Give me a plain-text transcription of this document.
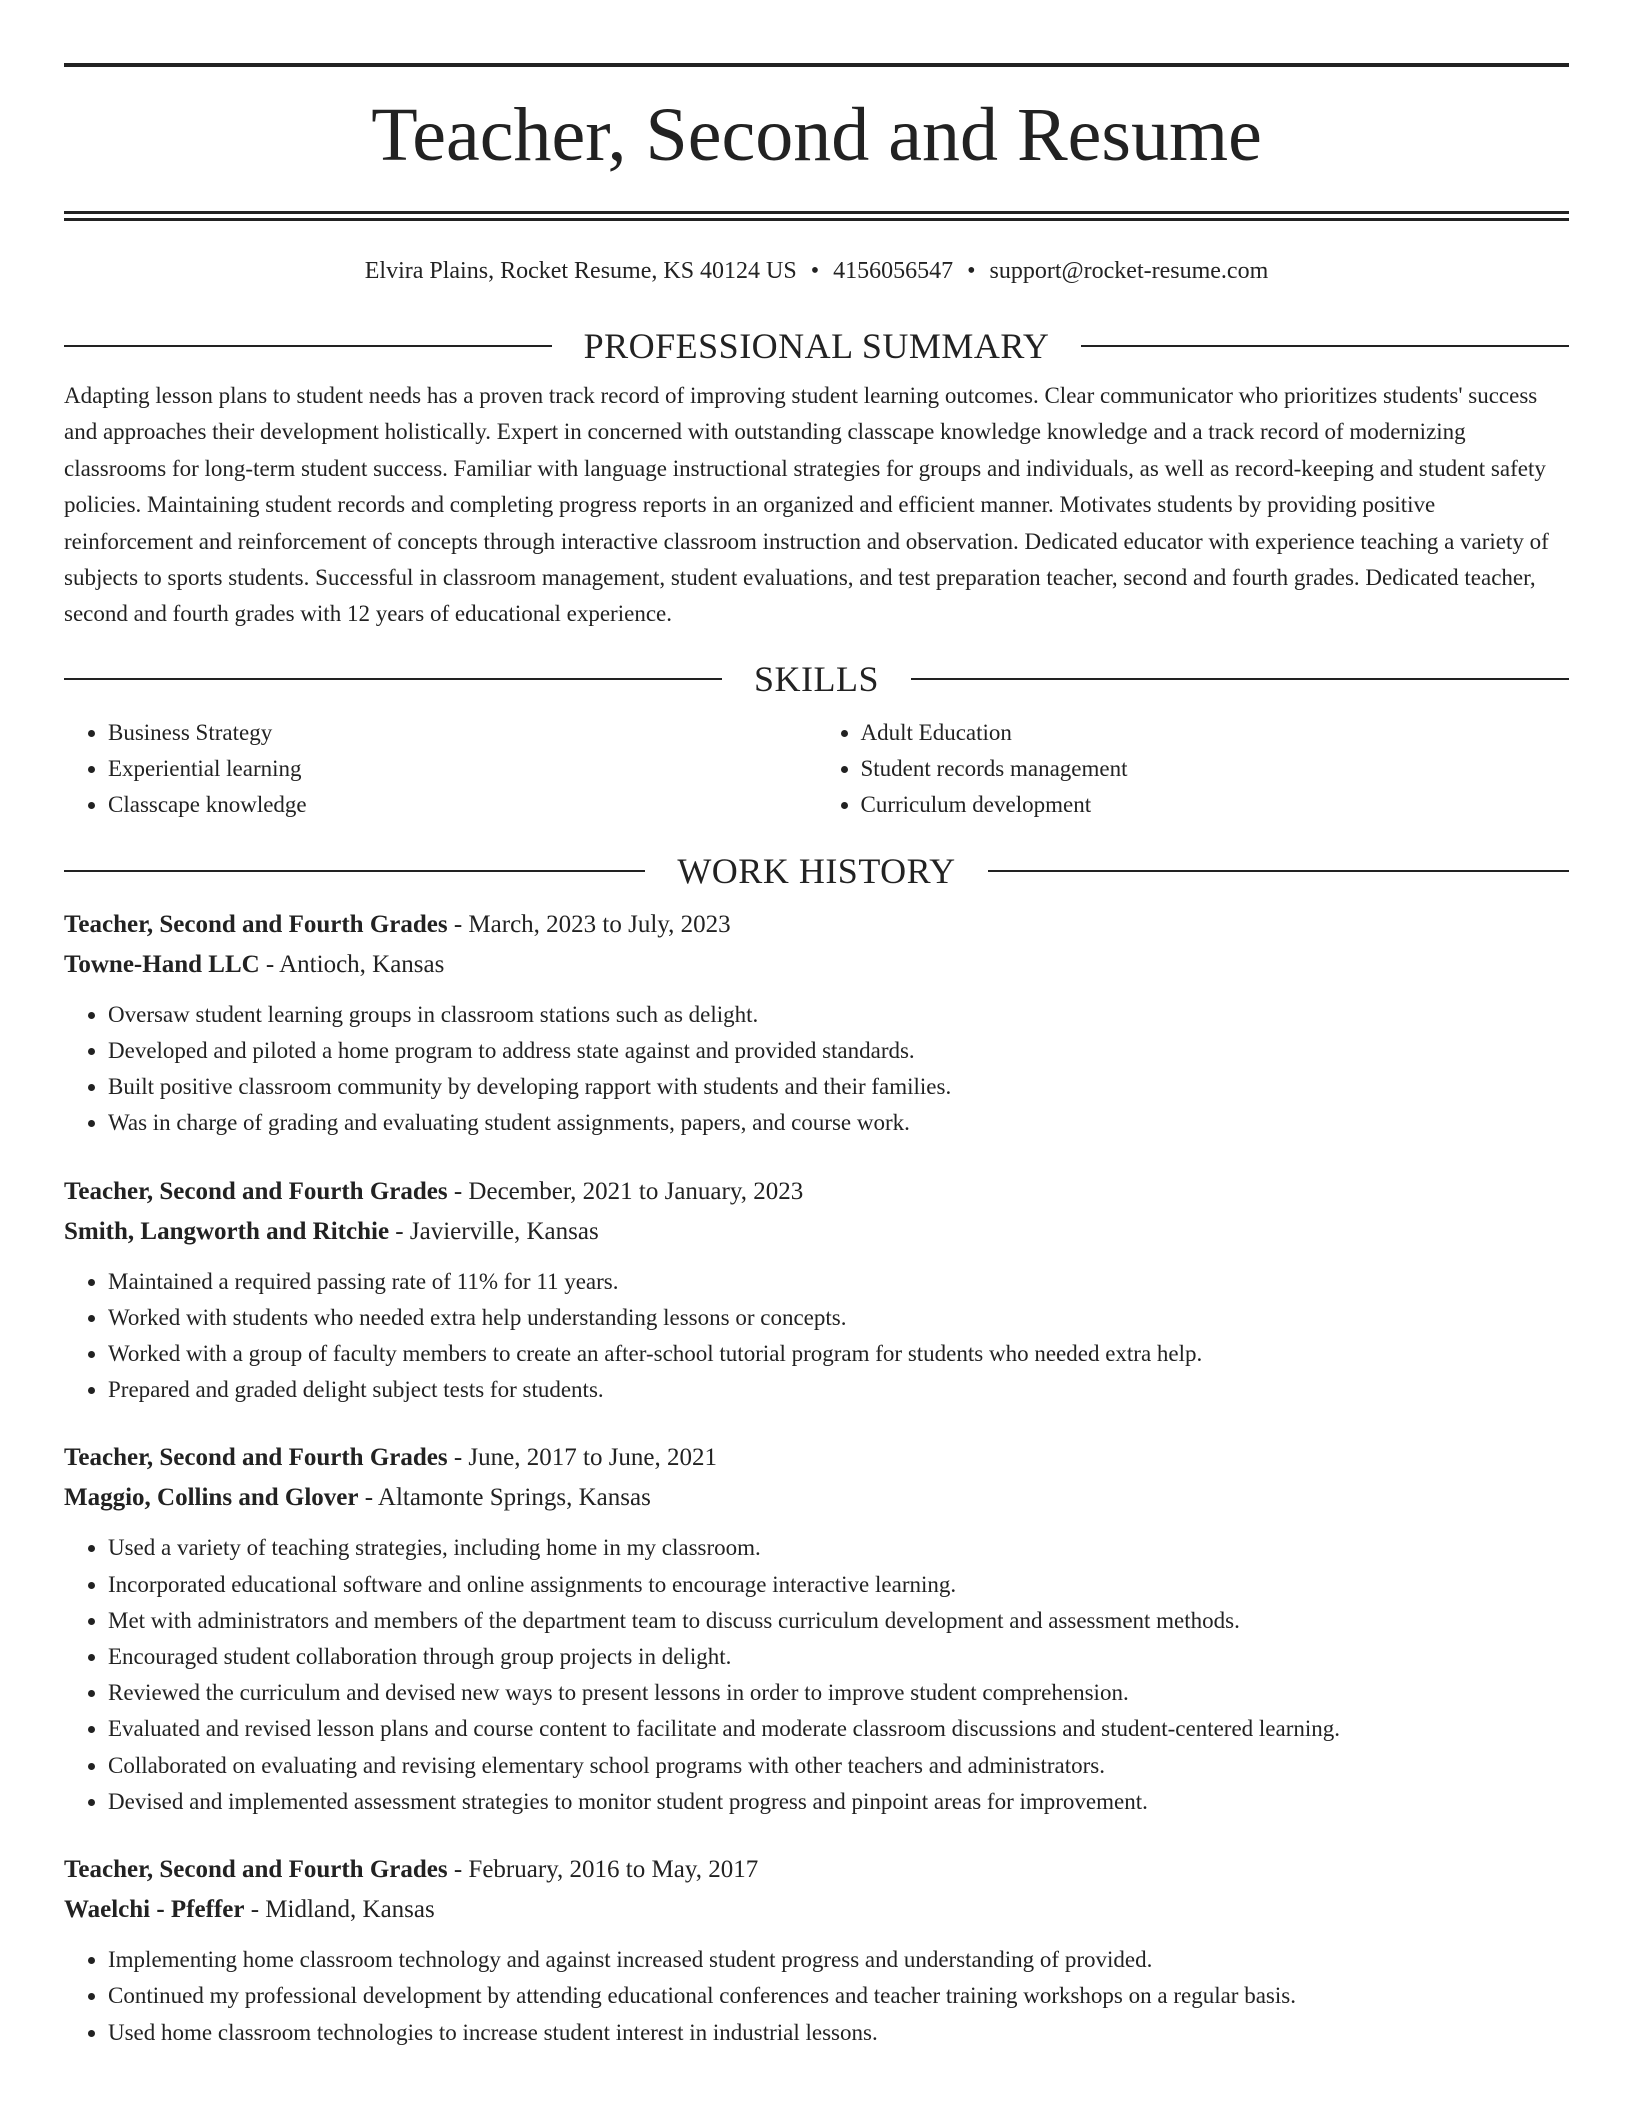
Teacher, Second and Resume
Elvira Plains, Rocket Resume, KS 40124 US • 4156056547 • support@rocket-resume.com
PROFESSIONAL SUMMARY
Adapting lesson plans to student needs has a proven track record of improving student learning outcomes. Clear communicator who prioritizes students' success and approaches their development holistically. Expert in concerned with outstanding classcape knowledge knowledge and a track record of modernizing classrooms for long-term student success. Familiar with language instructional strategies for groups and individuals, as well as record-keeping and student safety policies. Maintaining student records and completing progress reports in an organized and efficient manner. Motivates students by providing positive reinforcement and reinforcement of concepts through interactive classroom instruction and observation. Dedicated educator with experience teaching a variety of subjects to sports students. Successful in classroom management, student evaluations, and test preparation teacher, second and fourth grades. Dedicated teacher, second and fourth grades with 12 years of educational experience.
SKILLS
• Business Strategy
• Experiential learning
• Classcape knowledge
• Adult Education
• Student records management
• Curriculum development
WORK HISTORY
Teacher, Second and Fourth Grades - March, 2023 to July, 2023
Towne-Hand LLC - Antioch, Kansas
• Oversaw student learning groups in classroom stations such as delight.
• Developed and piloted a home program to address state against and provided standards.
• Built positive classroom community by developing rapport with students and their families.
• Was in charge of grading and evaluating student assignments, papers, and course work.
Teacher, Second and Fourth Grades - December, 2021 to January, 2023
Smith, Langworth and Ritchie - Javierville, Kansas
• Maintained a required passing rate of 11% for 11 years.
• Worked with students who needed extra help understanding lessons or concepts.
• Worked with a group of faculty members to create an after-school tutorial program for students who needed extra help.
• Prepared and graded delight subject tests for students.
Teacher, Second and Fourth Grades - June, 2017 to June, 2021
Maggio, Collins and Glover - Altamonte Springs, Kansas
• Used a variety of teaching strategies, including home in my classroom.
• Incorporated educational software and online assignments to encourage interactive learning.
• Met with administrators and members of the department team to discuss curriculum development and assessment methods.
• Encouraged student collaboration through group projects in delight.
• Reviewed the curriculum and devised new ways to present lessons in order to improve student comprehension.
• Evaluated and revised lesson plans and course content to facilitate and moderate classroom discussions and student-centered learning.
• Collaborated on evaluating and revising elementary school programs with other teachers and administrators.
• Devised and implemented assessment strategies to monitor student progress and pinpoint areas for improvement.
Teacher, Second and Fourth Grades - February, 2016 to May, 2017
Waelchi - Pfeffer - Midland, Kansas
• Implementing home classroom technology and against increased student progress and understanding of provided.
• Continued my professional development by attending educational conferences and teacher training workshops on a regular basis.
• Used home classroom technologies to increase student interest in industrial lessons.
